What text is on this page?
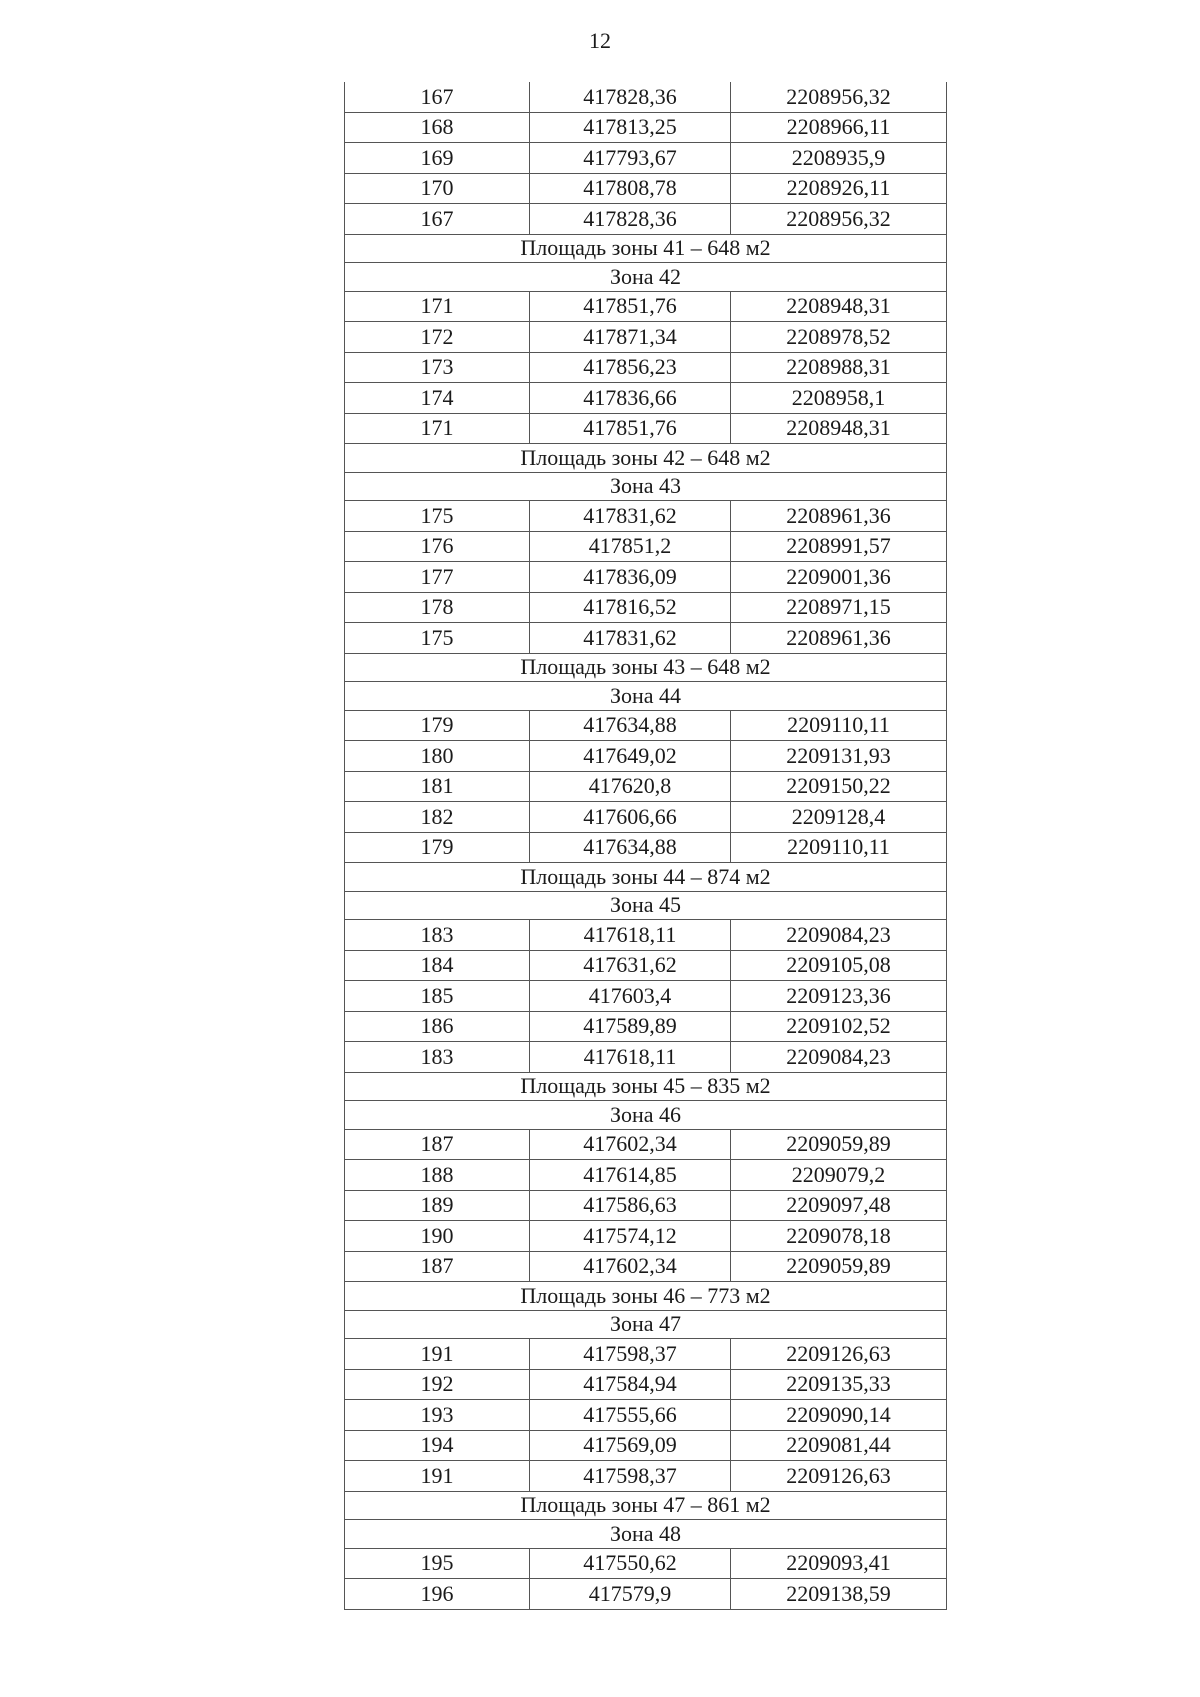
12
167	417828,36	2208956,32
168	417813,25	2208966,11
169	417793,67	2208935,9
170	417808,78	2208926,11
167	417828,36	2208956,32
Площадь зоны 41 – 648 м2		
Зона 42		
171	417851,76	2208948,31
172	417871,34	2208978,52
173	417856,23	2208988,31
174	417836,66	2208958,1
171	417851,76	2208948,31
Площадь зоны 42 – 648 м2		
Зона 43		
175	417831,62	2208961,36
176	417851,2	2208991,57
177	417836,09	2209001,36
178	417816,52	2208971,15
175	417831,62	2208961,36
Площадь зоны 43 – 648 м2		
Зона 44		
179	417634,88	2209110,11
180	417649,02	2209131,93
181	417620,8	2209150,22
182	417606,66	2209128,4
179	417634,88	2209110,11
Площадь зоны 44 – 874 м2		
Зона 45		
183	417618,11	2209084,23
184	417631,62	2209105,08
185	417603,4	2209123,36
186	417589,89	2209102,52
183	417618,11	2209084,23
Площадь зоны 45 – 835 м2		
Зона 46		
187	417602,34	2209059,89
188	417614,85	2209079,2
189	417586,63	2209097,48
190	417574,12	2209078,18
187	417602,34	2209059,89
Площадь зоны 46 – 773 м2		
Зона 47		
191	417598,37	2209126,63
192	417584,94	2209135,33
193	417555,66	2209090,14
194	417569,09	2209081,44
191	417598,37	2209126,63
Площадь зоны 47 – 861 м2		
Зона 48		
195	417550,62	2209093,41
196	417579,9	2209138,59
